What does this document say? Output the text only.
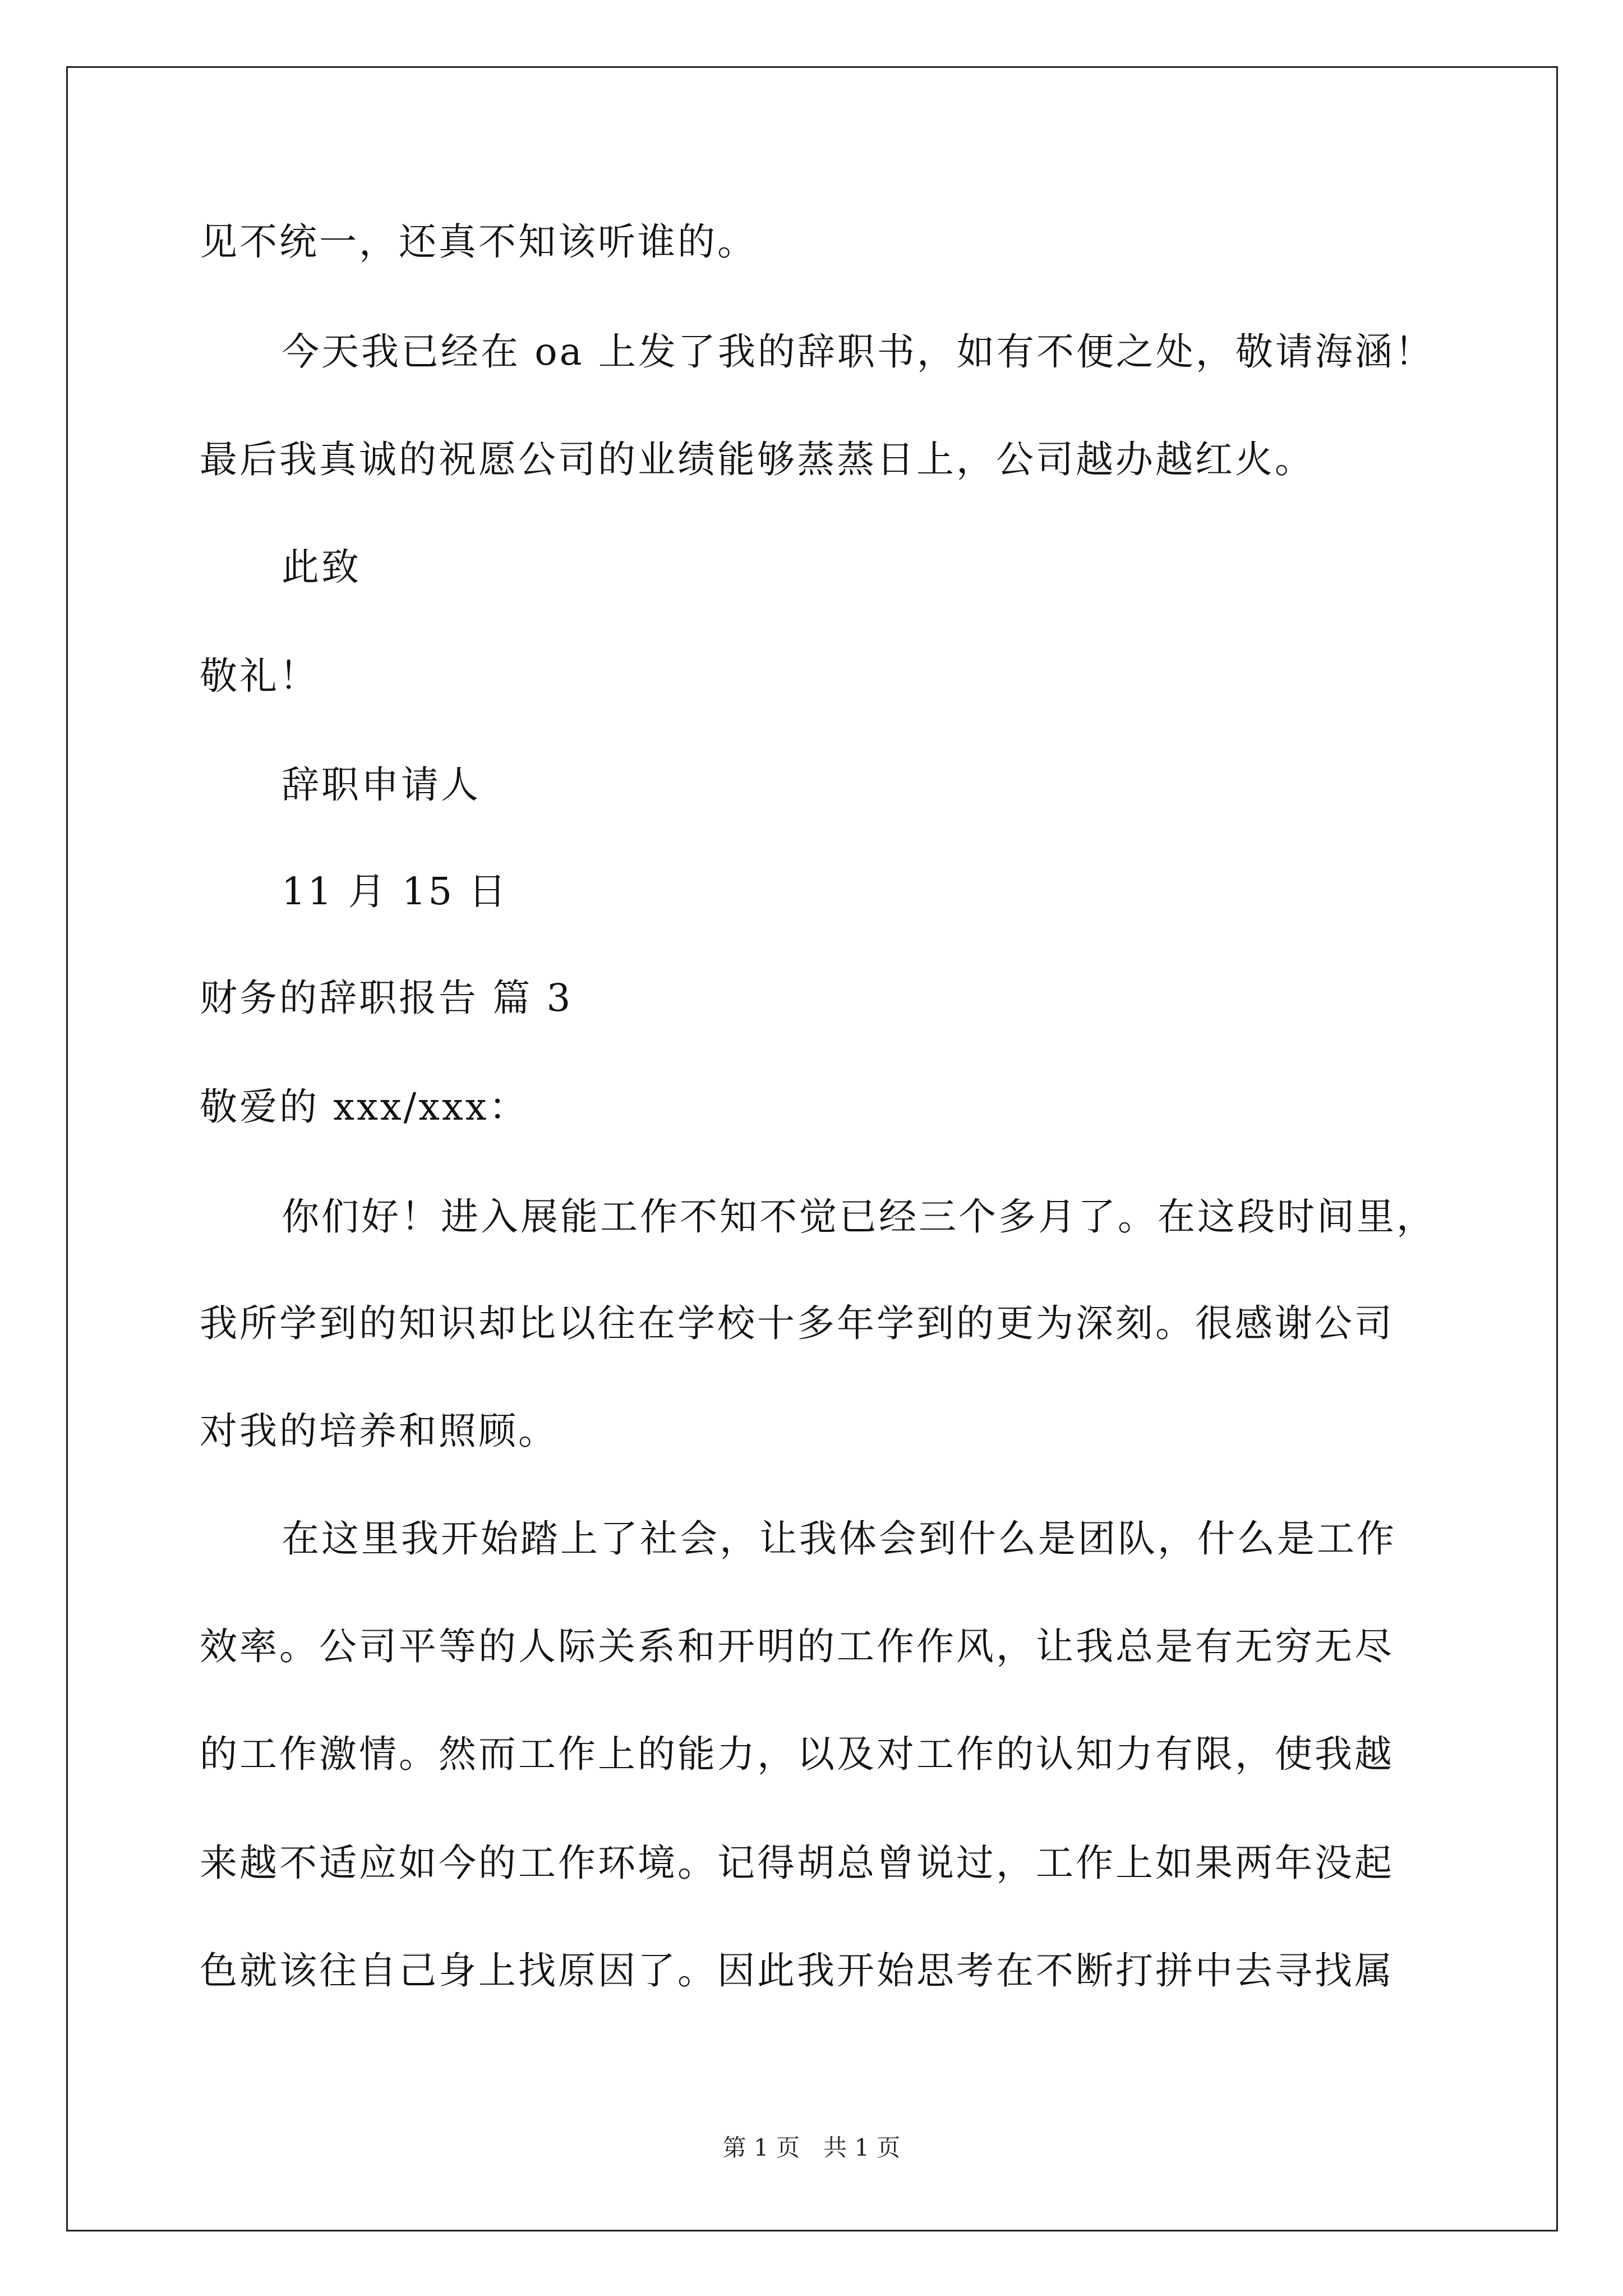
见不统一，还真不知该听谁的。

今天我已经在 oa 上发了我的辞职书，如有不便之处，敬请海涵！

最后我真诚的祝愿公司的业绩能够蒸蒸日上，公司越办越红火。

此致

敬礼！

辞职申请人

11 月 15 日

财务的辞职报告 篇 3

敬爱的 xxx/xxx：

你们好！进入展能工作不知不觉已经三个多月了。在这段时间里，

我所学到的知识却比以往在学校十多年学到的更为深刻。很感谢公司

对我的培养和照顾。

在这里我开始踏上了社会，让我体会到什么是团队，什么是工作

效率。公司平等的人际关系和开明的工作作风，让我总是有无穷无尽

的工作激情。然而工作上的能力，以及对工作的认知力有限，使我越

来越不适应如今的工作环境。记得胡总曾说过，工作上如果两年没起

色就该往自己身上找原因了。因此我开始思考在不断打拼中去寻找属

第 1 页　共 1 页
